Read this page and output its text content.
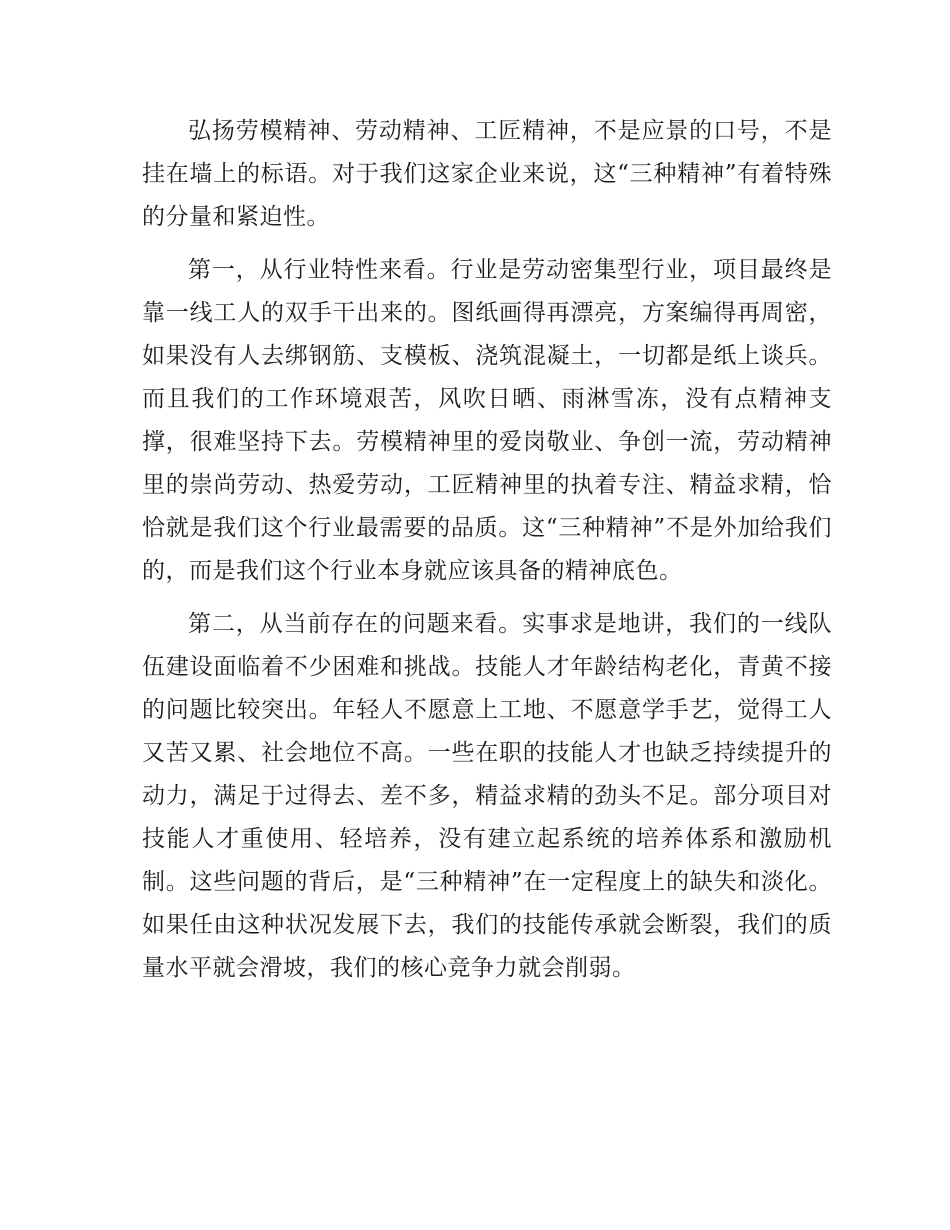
弘扬劳模精神、劳动精神、工匠精神，不是应景的口号，不是挂在墙上的标语。对于我们这家企业来说，这“三种精神”有着特殊的分量和紧迫性。

第一，从行业特性来看。行业是劳动密集型行业，项目最终是靠一线工人的双手干出来的。图纸画得再漂亮，方案编得再周密，如果没有人去绑钢筋、支模板、浇筑混凝土，一切都是纸上谈兵。而且我们的工作环境艰苦，风吹日晒、雨淋雪冻，没有点精神支撑，很难坚持下去。劳模精神里的爱岗敬业、争创一流，劳动精神里的崇尚劳动、热爱劳动，工匠精神里的执着专注、精益求精，恰恰就是我们这个行业最需要的品质。这“三种精神”不是外加给我们的，而是我们这个行业本身就应该具备的精神底色。

第二，从当前存在的问题来看。实事求是地讲，我们的一线队伍建设面临着不少困难和挑战。技能人才年龄结构老化，青黄不接的问题比较突出。年轻人不愿意上工地、不愿意学手艺，觉得工人又苦又累、社会地位不高。一些在职的技能人才也缺乏持续提升的动力，满足于过得去、差不多，精益求精的劲头不足。部分项目对技能人才重使用、轻培养，没有建立起系统的培养体系和激励机制。这些问题的背后，是“三种精神”在一定程度上的缺失和淡化。如果任由这种状况发展下去，我们的技能传承就会断裂，我们的质量水平就会滑坡，我们的核心竞争力就会削弱。
